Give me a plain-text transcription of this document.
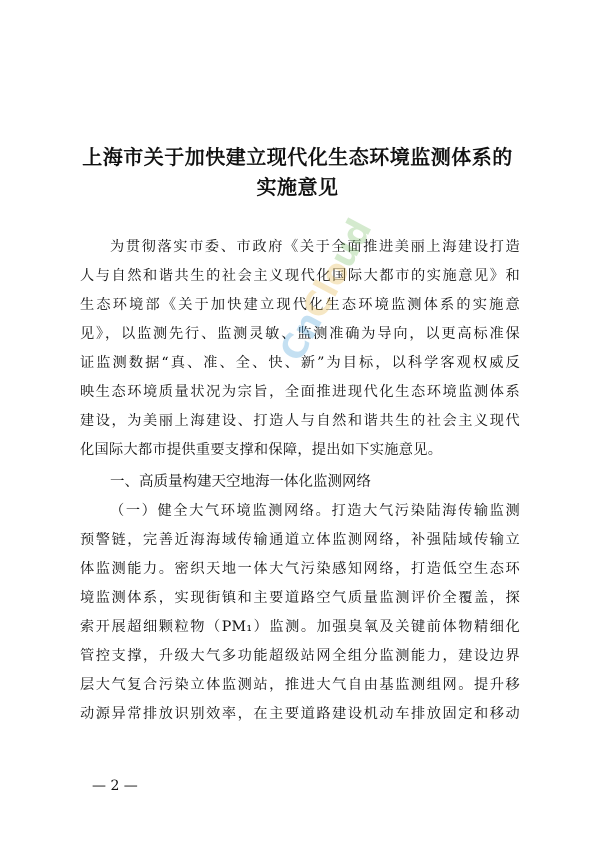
上海市关于加快建立现代化生态环境监测体系的
实施意见
为贯彻落实市委、市政府《关于全面推进美丽上海建设打造
人与自然和谐共生的社会主义现代化国际大都市的实施意见》和
生态环境部《关于加快建立现代化生态环境监测体系的实施意
见》，以监测先行、监测灵敏、监测准确为导向，以更高标准保
证监测数据“真、准、全、快、新”为目标，以科学客观权威反
映生态环境质量状况为宗旨，全面推进现代化生态环境监测体系
建设，为美丽上海建设、打造人与自然和谐共生的社会主义现代
化国际大都市提供重要支撑和保障，提出如下实施意见。
一、高质量构建天空地海一体化监测网络
（一）健全大气环境监测网络。打造大气污染陆海传输监测
预警链，完善近海海域传输通道立体监测网络，补强陆域传输立
体监测能力。密织天地一体大气污染感知网络，打造低空生态环
境监测体系，实现街镇和主要道路空气质量监测评价全覆盖，探
索开展超细颗粒物（PM₁）监测。加强臭氧及关键前体物精细化
管控支撑，升级大气多功能超级站网全组分监测能力，建设边界
层大气复合污染立体监测站，推进大气自由基监测组网。提升移
动源异常排放识别效率，在主要道路建设机动车排放固定和移动
— 2 —
Cn
Clo
ud
